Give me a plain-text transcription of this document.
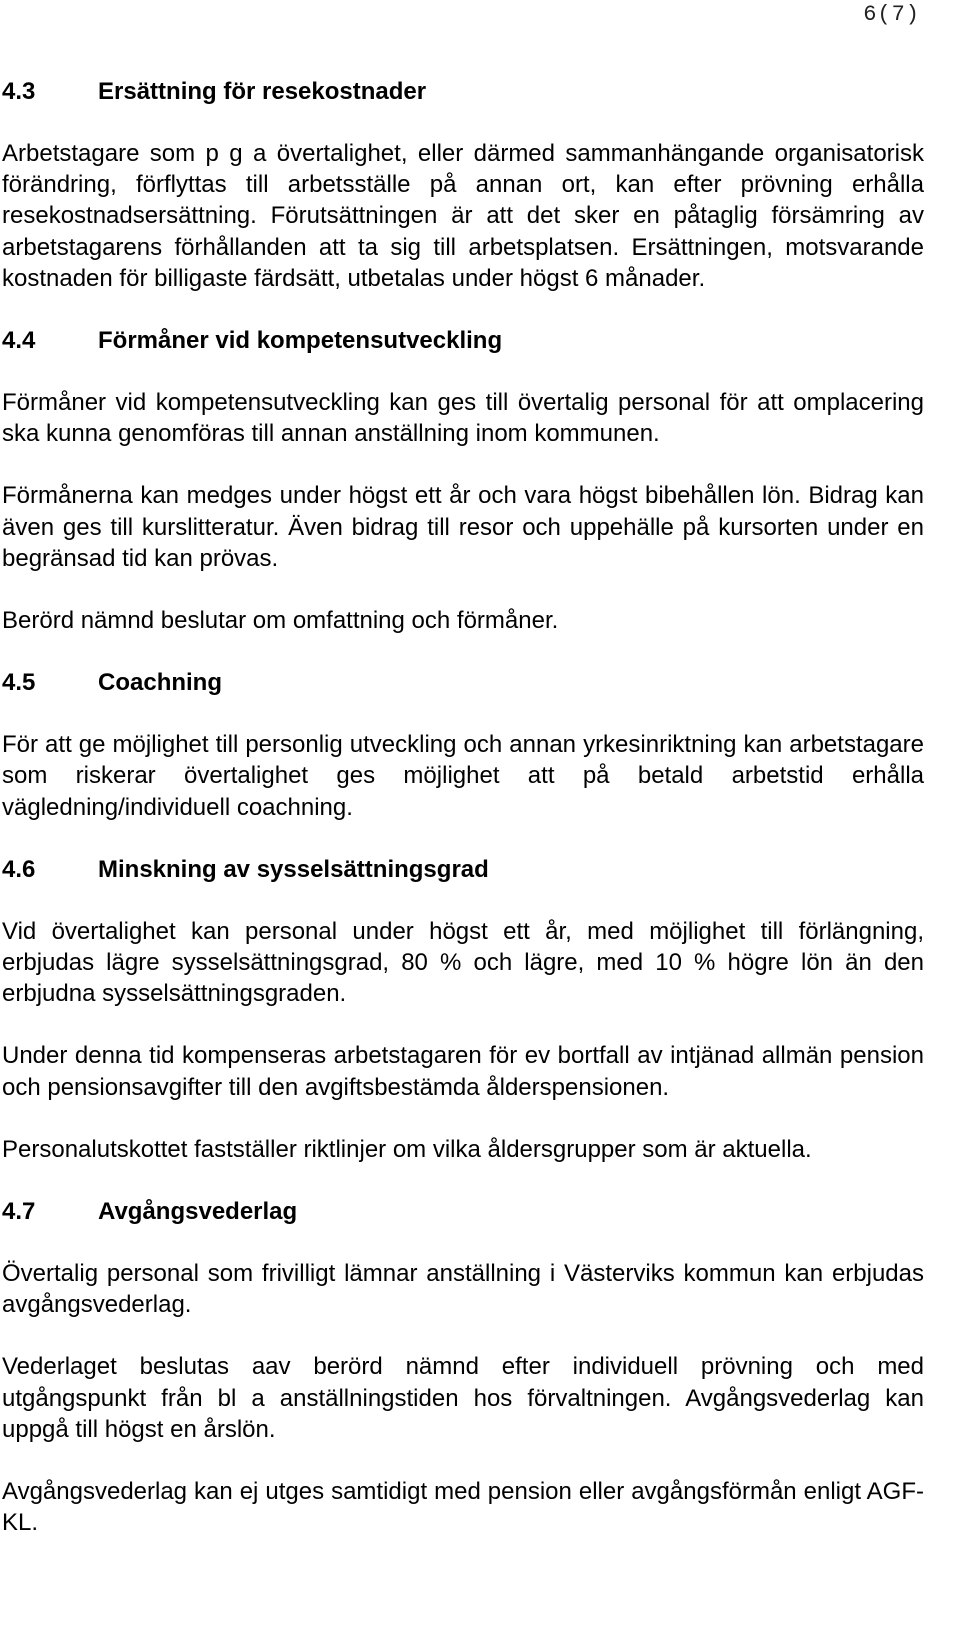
6(7)
4.3	Ersättning för resekostnader

Arbetstagare som p g a övertalighet, eller därmed sammanhängande organisatorisk förändring, förflyttas till arbetsställe på annan ort, kan efter prövning erhålla resekostnadsersättning. Förutsättningen är att det sker en påtaglig försämring av arbetstagarens förhållanden att ta sig till arbetsplatsen. Ersättningen, motsvarande kostnaden för billigaste färdsätt, utbetalas under högst 6 månader.

4.4	Förmåner vid kompetensutveckling

Förmåner vid kompetensutveckling kan ges till övertalig personal för att omplacering ska kunna genomföras till annan anställning inom kommunen.

Förmånerna kan medges under högst ett år och vara högst bibehållen lön. Bidrag kan även ges till kurslitteratur. Även bidrag till resor och uppehälle på kursorten under en begränsad tid kan prövas.

Berörd nämnd beslutar om omfattning och förmåner.

4.5	Coachning

För att ge möjlighet till personlig utveckling och annan yrkesinriktning kan arbetstagare som riskerar övertalighet ges möjlighet att på betald arbetstid erhålla vägledning/individuell coachning.

4.6	Minskning av sysselsättningsgrad

Vid övertalighet kan personal under högst ett år, med möjlighet till förlängning, erbjudas lägre sysselsättningsgrad, 80 % och lägre, med 10 % högre lön än den erbjudna sysselsättningsgraden.

Under denna tid kompenseras arbetstagaren för ev bortfall av intjänad allmän pension och pensionsavgifter till den avgiftsbestämda ålderspensionen.

Personalutskottet fastställer riktlinjer om vilka åldersgrupper som är aktuella.

4.7	Avgångsvederlag

Övertalig personal som frivilligt lämnar anställning i Västerviks kommun kan erbjudas avgångsvederlag.

Vederlaget beslutas aav berörd nämnd efter individuell prövning och med utgångspunkt från bl a anställningstiden hos förvaltningen. Avgångsvederlag kan uppgå till högst en årslön.

Avgångsvederlag kan ej utges samtidigt med pension eller avgångsförmån enligt AGF-KL.
